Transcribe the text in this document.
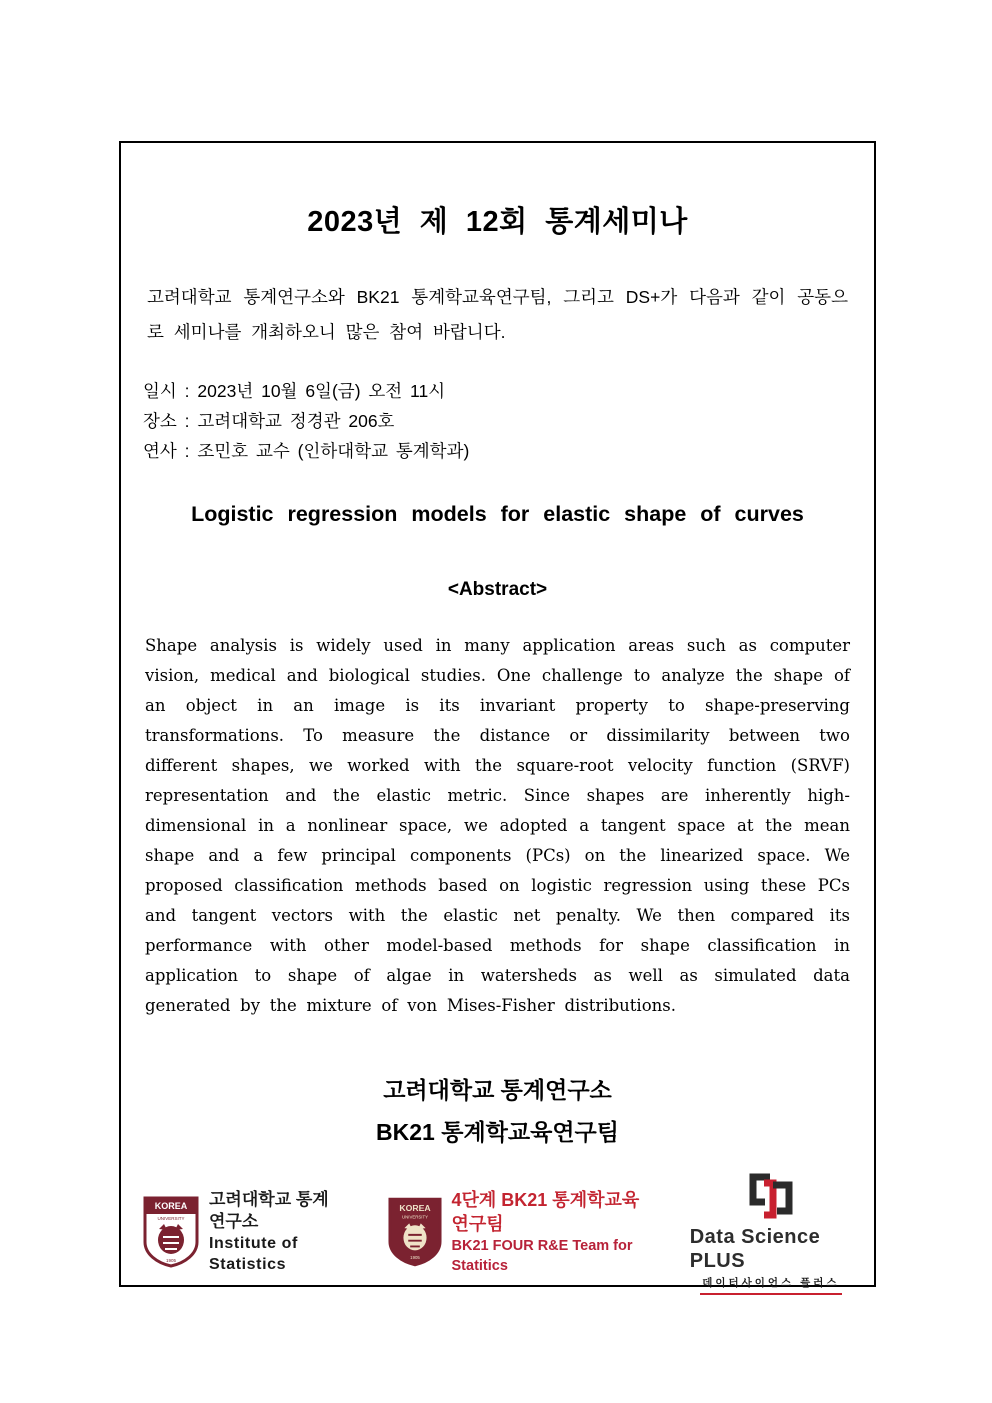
2023년 제 12회 통계세미나

고려대학교 통계연구소와 BK21 통계학교육연구팀, 그리고 DS+가 다음과 같이 공동으로 세미나를 개최하오니 많은 참여 바랍니다.

일시 : 2023년 10월 6일(금) 오전 11시
장소 : 고려대학교 정경관 206호
연사 : 조민호 교수 (인하대학교 통계학과)
Logistic regression models for elastic shape of curves
<Abstract>

Shape analysis is widely used in many application areas such as computer vision, medical and biological studies. One challenge to analyze the shape of an object in an image is its invariant property to shape-preserving transformations. To measure the distance or dissimilarity between two different shapes, we worked with the square-root velocity function (SRVF) representation and the elastic metric. Since shapes are inherently high-dimensional in a nonlinear space, we adopted a tangent space at the mean shape and a few principal components (PCs) on the linearized space. We proposed classification methods based on logistic regression using these PCs and tangent vectors with the elastic net penalty. We then compared its performance with other model-based methods for shape classification in application to shape of algae in watersheds as well as simulated data generated by the mixture of von Mises-Fisher distributions.

고려대학교 통계연구소
BK21 통계학교육연구팀
KOREA
UNIVERSITY
1905
고려대학교 통계연구소
Institute of Statistics
KOREA
UNIVERSITY
1905
4단계 BK21 통계학교육연구팀
BK21 FOUR R&E Team for Statitics
Data Science PLUS
데이터사이언스 플러스
